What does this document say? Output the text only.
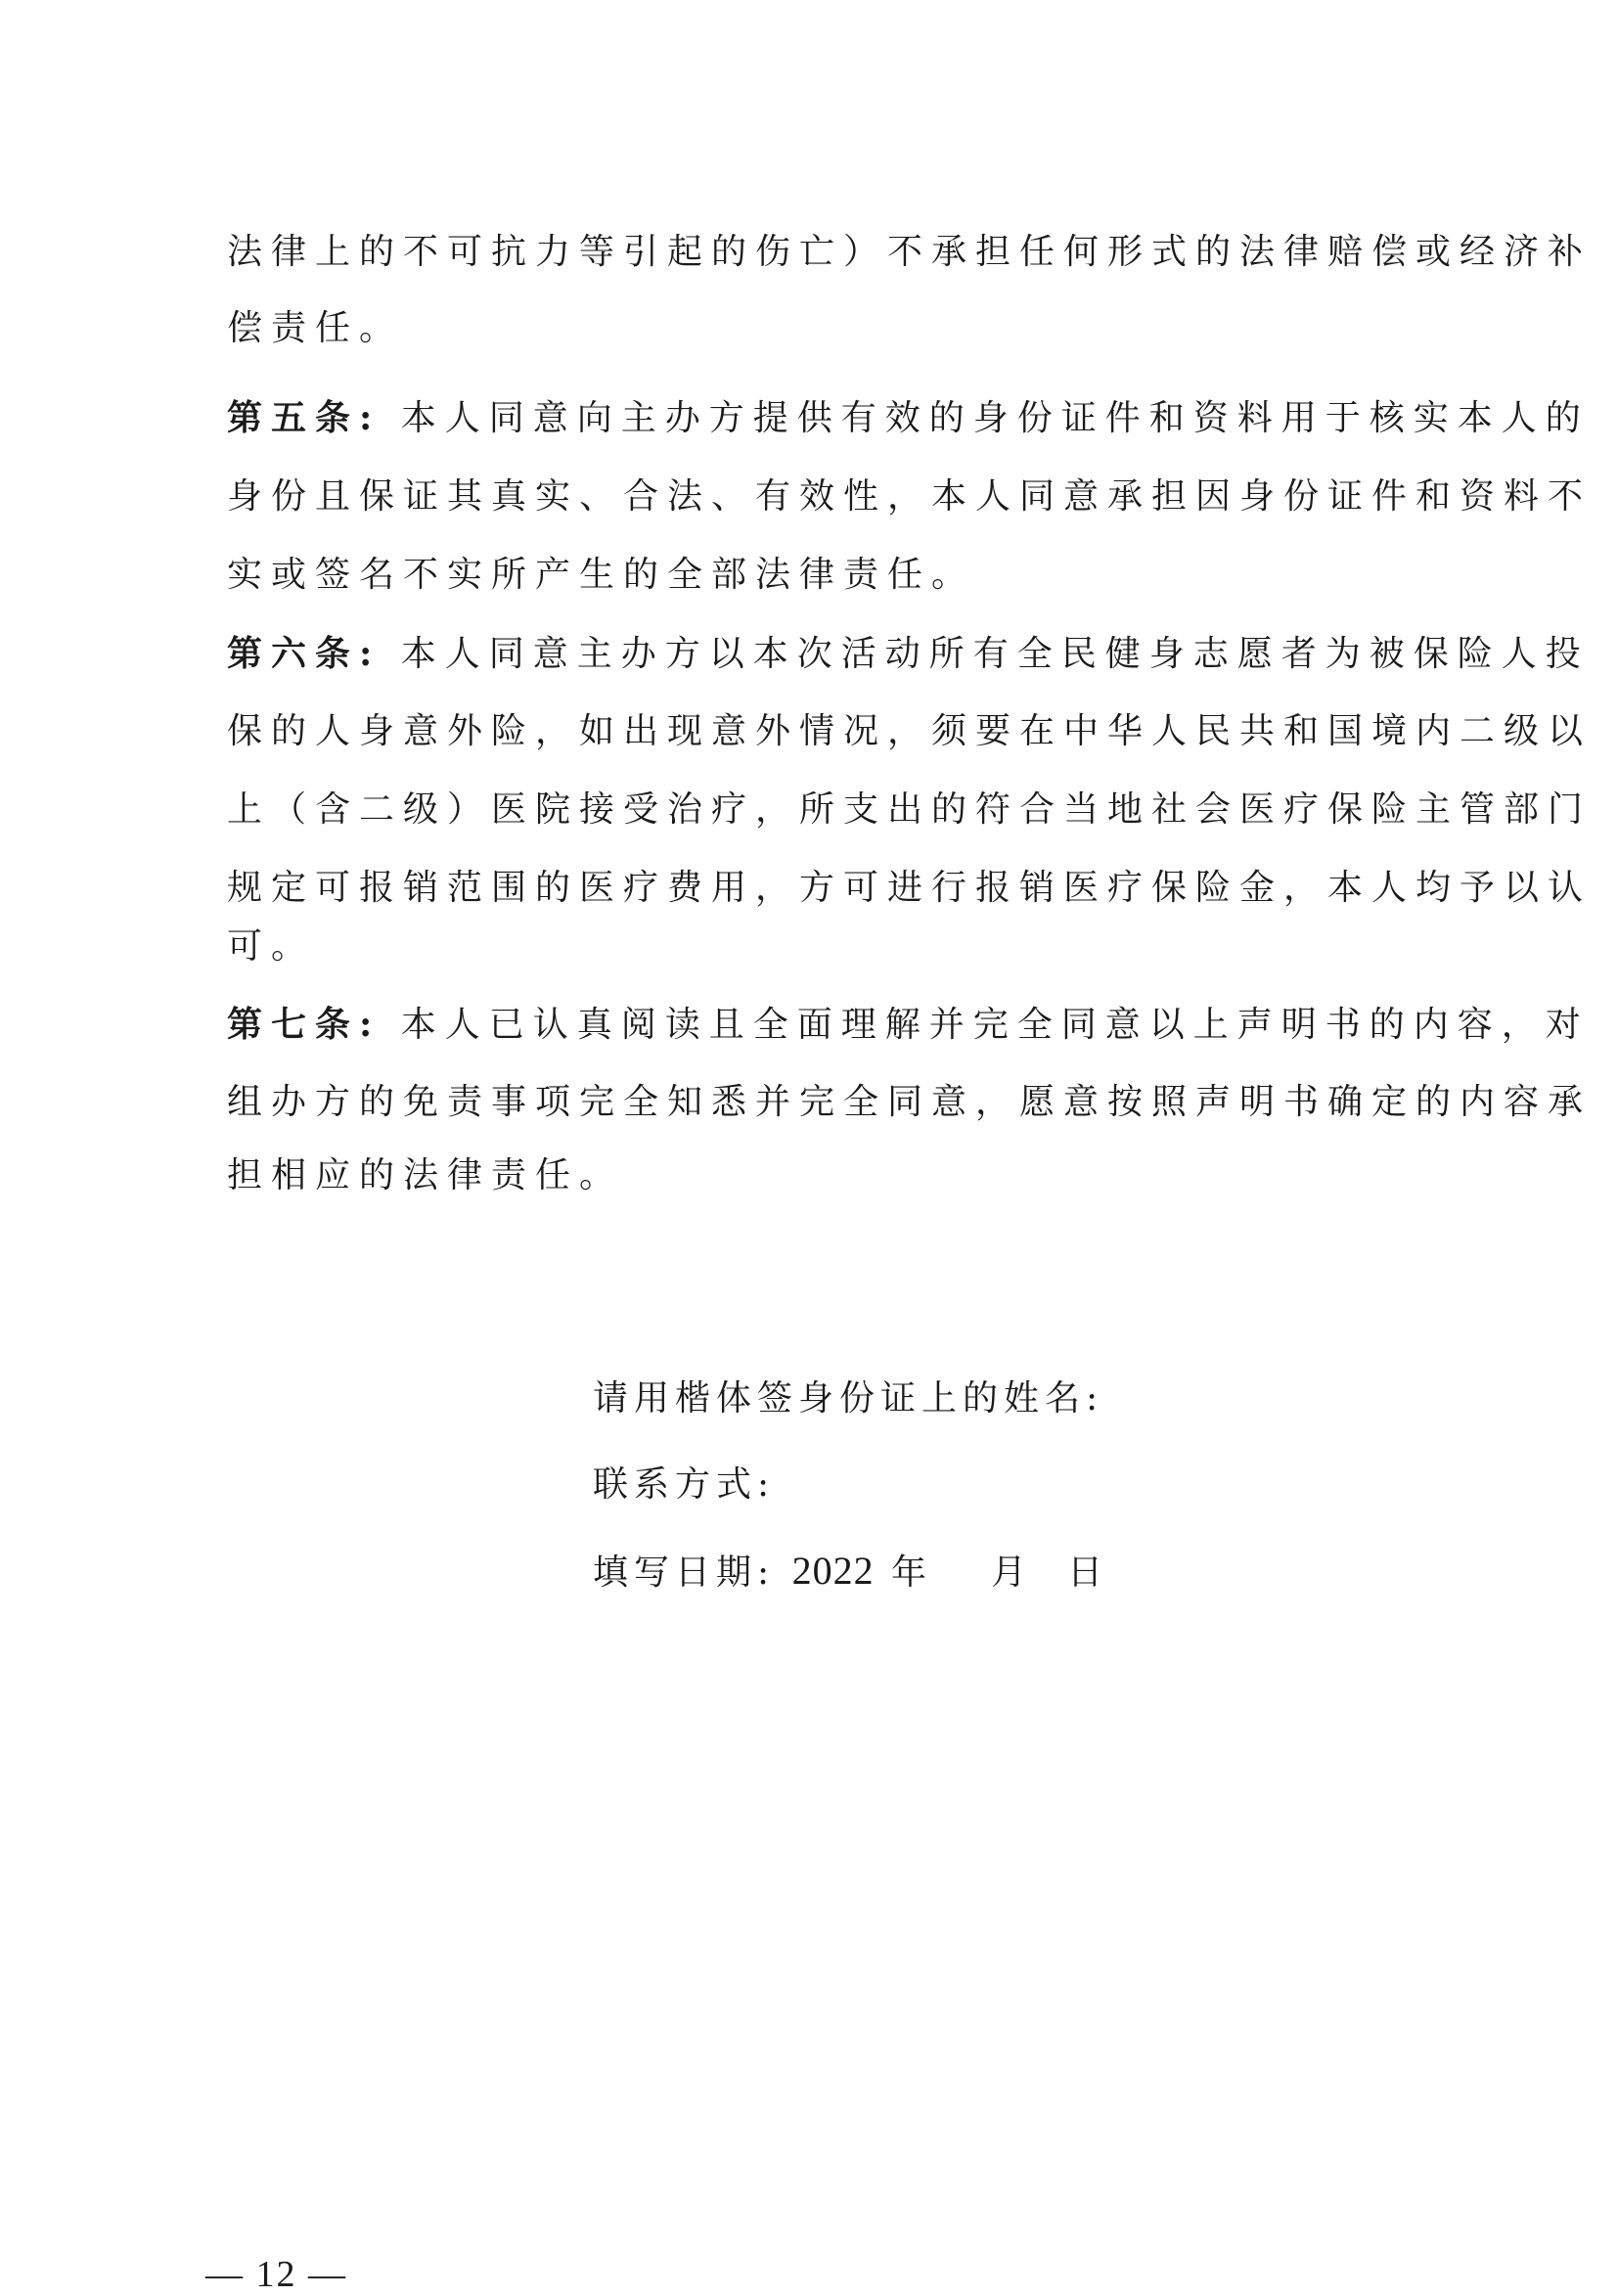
法律上的不可抗力等引起的伤亡）不承担任何形式的法律赔偿或经济补
偿责任。
第五条: 本人同意向主办方提供有效的身份证件和资料用于核实本人的
身份且保证其真实、合法、有效性，本人同意承担因身份证件和资料不
实或签名不实所产生的全部法律责任。
第六条: 本人同意主办方以本次活动所有全民健身志愿者为被保险人投
保的人身意外险，如出现意外情况，须要在中华人民共和国境内二级以
上（含二级）医院接受治疗，所支出的符合当地社会医疗保险主管部门
规定可报销范围的医疗费用，方可进行报销医疗保险金，本人均予以认
可。
第七条: 本人已认真阅读且全面理解并完全同意以上声明书的内容，对
组办方的免责事项完全知悉并完全同意，愿意按照声明书确定的内容承
担相应的法律责任。
请用楷体签身份证上的姓名:
联系方式:
填写日期: 2022 年 月 日
— 12 —
